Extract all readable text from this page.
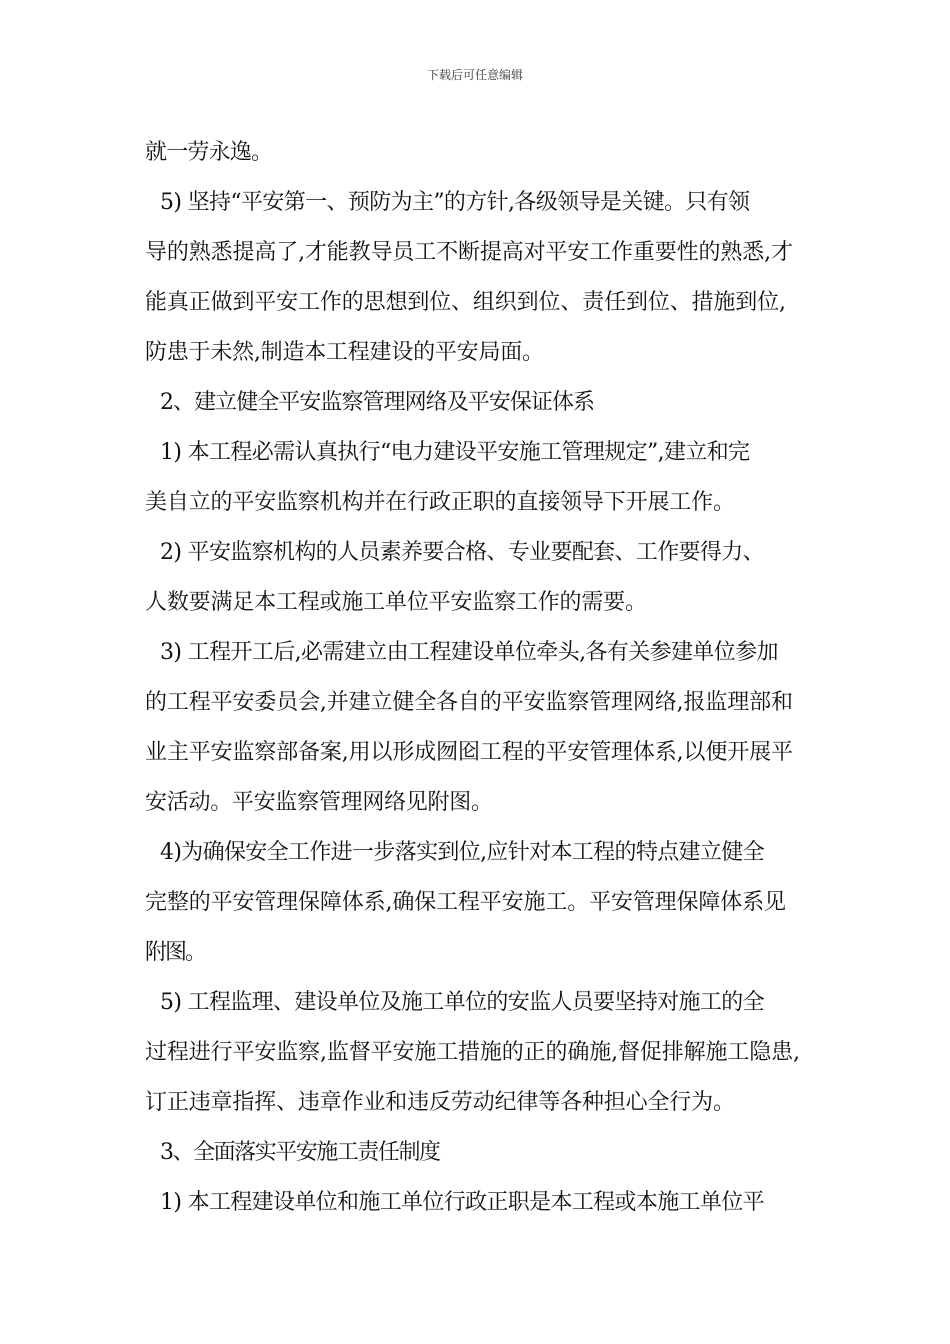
下载后可任意编辑
就一劳永逸。
5) 坚持“平安第一、预防为主”的方针,各级领导是关键。只有领
导的熟悉提高了,才能教导员工不断提高对平安工作重要性的熟悉,才
能真正做到平安工作的思想到位、组织到位、责任到位、措施到位,
防患于未然,制造本工程建设的平安局面。
2、建立健全平安监察管理网络及平安保证体系
1) 本工程必需认真执行“电力建设平安施工管理规定”,建立和完
美自立的平安监察机构并在行政正职的直接领导下开展工作。
2) 平安监察机构的人员素养要合格、专业要配套、工作要得力、
人数要满足本工程或施工单位平安监察工作的需要。
3) 工程开工后,必需建立由工程建设单位牵头,各有关参建单位参加
的工程平安委员会,并建立健全各自的平安监察管理网络,报监理部和
业主平安监察部备案,用以形成囫囵工程的平安管理体系,以便开展平
安活动。平安监察管理网络见附图。
4)为确保安全工作进一步落实到位,应针对本工程的特点建立健全
完整的平安管理保障体系,确保工程平安施工。平安管理保障体系见
附图。
5) 工程监理、建设单位及施工单位的安监人员要坚持对施工的全
过程进行平安监察,监督平安施工措施的正的确施,督促排解施工隐患,
订正违章指挥、违章作业和违反劳动纪律等各种担心全行为。
3、全面落实平安施工责任制度
1) 本工程建设单位和施工单位行政正职是本工程或本施工单位平
